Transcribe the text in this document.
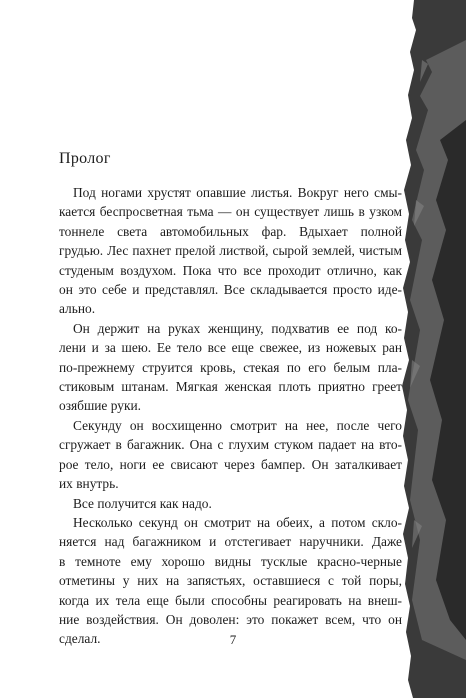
Пролог

Под ногами хрустят опавшие листья. Вокруг него смы-
кается беспросветная тьма — он существует лишь в узком
тоннеле света автомобильных фар. Вдыхает полной
грудью. Лес пахнет прелой листвой, сырой землей, чистым
студеным воздухом. Пока что все проходит отлично, как
он это себе и представлял. Все складывается просто иде-
ально.

Он держит на руках женщину, подхватив ее под ко-
лени и за шею. Ее тело все еще свежее, из ножевых ран
по-прежнему струится кровь, стекая по его белым пла-
стиковым штанам. Мягкая женская плоть приятно греет
озябшие руки.

Секунду он восхищенно смотрит на нее, после чего
сгружает в багажник. Она с глухим стуком падает на вто-
рое тело, ноги ее свисают через бампер. Он заталкивает
их внутрь.

Все получится как надо.

Несколько секунд он смотрит на обеих, а потом скло-
няется над багажником и отстегивает наручники. Даже
в темноте ему хорошо видны тусклые красно-черные
отметины у них на запястьях, оставшиеся с той поры,
когда их тела еще были способны реагировать на внеш-
ние воздействия. Он доволен: это покажет всем, что он
сделал.	7
